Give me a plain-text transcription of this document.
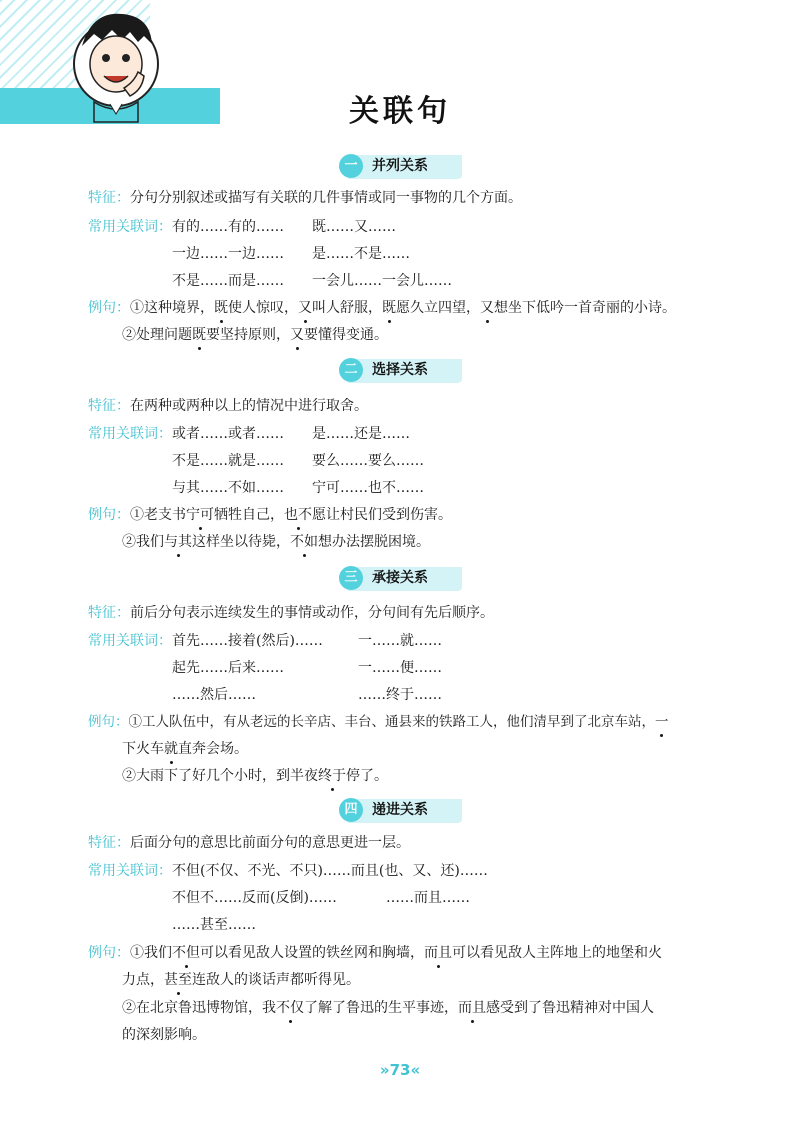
关联句
一	并列关系
特征：分句分别叙述或描写有关联的几件事情或同一事物的几个方面。
常用关联词： 有的……有的…… 既……又……
一边……一边…… 是……不是……
不是……而是…… 一会儿……一会儿……
例句：①这种境界，既使人惊叹，又叫人舒服，既愿久立四望，又想坐下低吟一首奇丽的小诗。
②处理问题既要坚持原则，又要懂得变通。
二	选择关系
特征：在两种或两种以上的情况中进行取舍。
常用关联词： 或者……或者…… 是……还是……
不是……就是…… 要么……要么……
与其……不如…… 宁可……也不……
例句：①老支书宁可牺牲自己，也不愿让村民们受到伤害。
②我们与其这样坐以待毙，不如想办法摆脱困境。
三	承接关系
特征：前后分句表示连续发生的事情或动作，分句间有先后顺序。
常用关联词： 首先……接着(然后)……	一……就……
起先……后来……	一……便……
……然后……	……终于……
例句：①工人队伍中，有从老远的长辛店、丰台、通县来的铁路工人，他们清早到了北京车站，一
下火车就直奔会场。
②大雨下了好几个小时，到半夜终于停了。
四	递进关系
特征：后面分句的意思比前面分句的意思更进一层。
常用关联词： 不但(不仅、不光、不只)……而且(也、又、还)……
不但不……反而(反倒)……	……而且……
……甚至……
例句：①我们不但可以看见敌人设置的铁丝网和胸墙，而且可以看见敌人主阵地上的地堡和火
力点，甚至连敌人的谈话声都听得见。
②在北京鲁迅博物馆，我不仅了解了鲁迅的生平事迹，而且感受到了鲁迅精神对中国人
的深刻影响。
»73«
